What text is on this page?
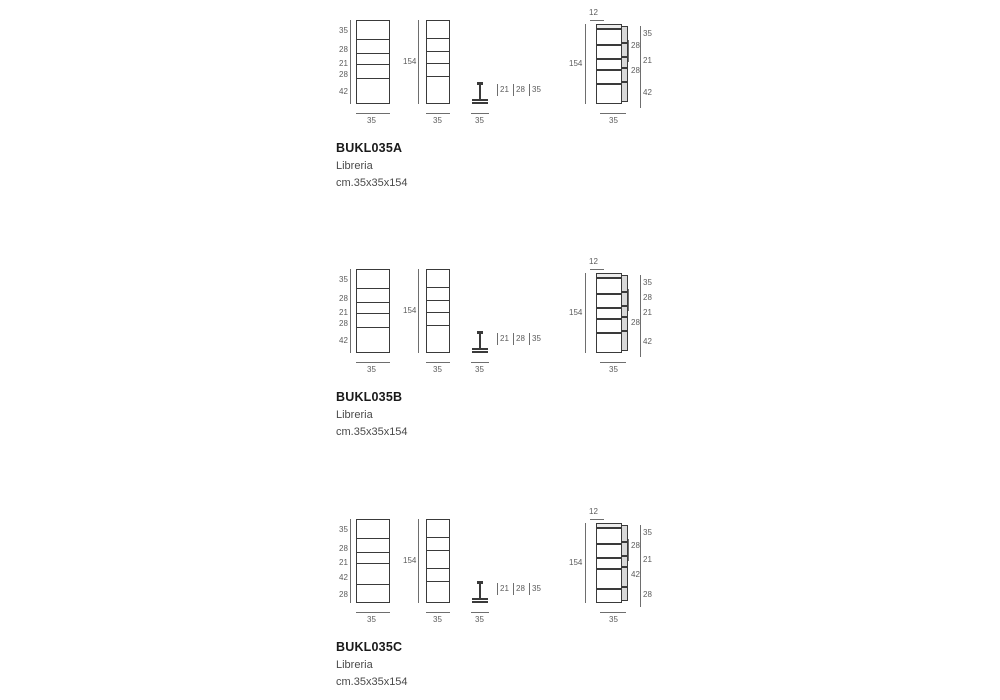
35
28
21
28
42
35
154
35
21 28 35
35
12
154
35
28
21
28
42
35

BUKL035A

Libreria

cm.35x35x154

35
28
21
28
42
35
154
35
21 28 35
35
12
154
35
28
21
28
42
35

BUKL035B

Libreria

cm.35x35x154

35
28
21
42
28
35
154
35
21 28 35
35
12
154
35
28
21
42
28
35

BUKL035C

Libreria

cm.35x35x154
